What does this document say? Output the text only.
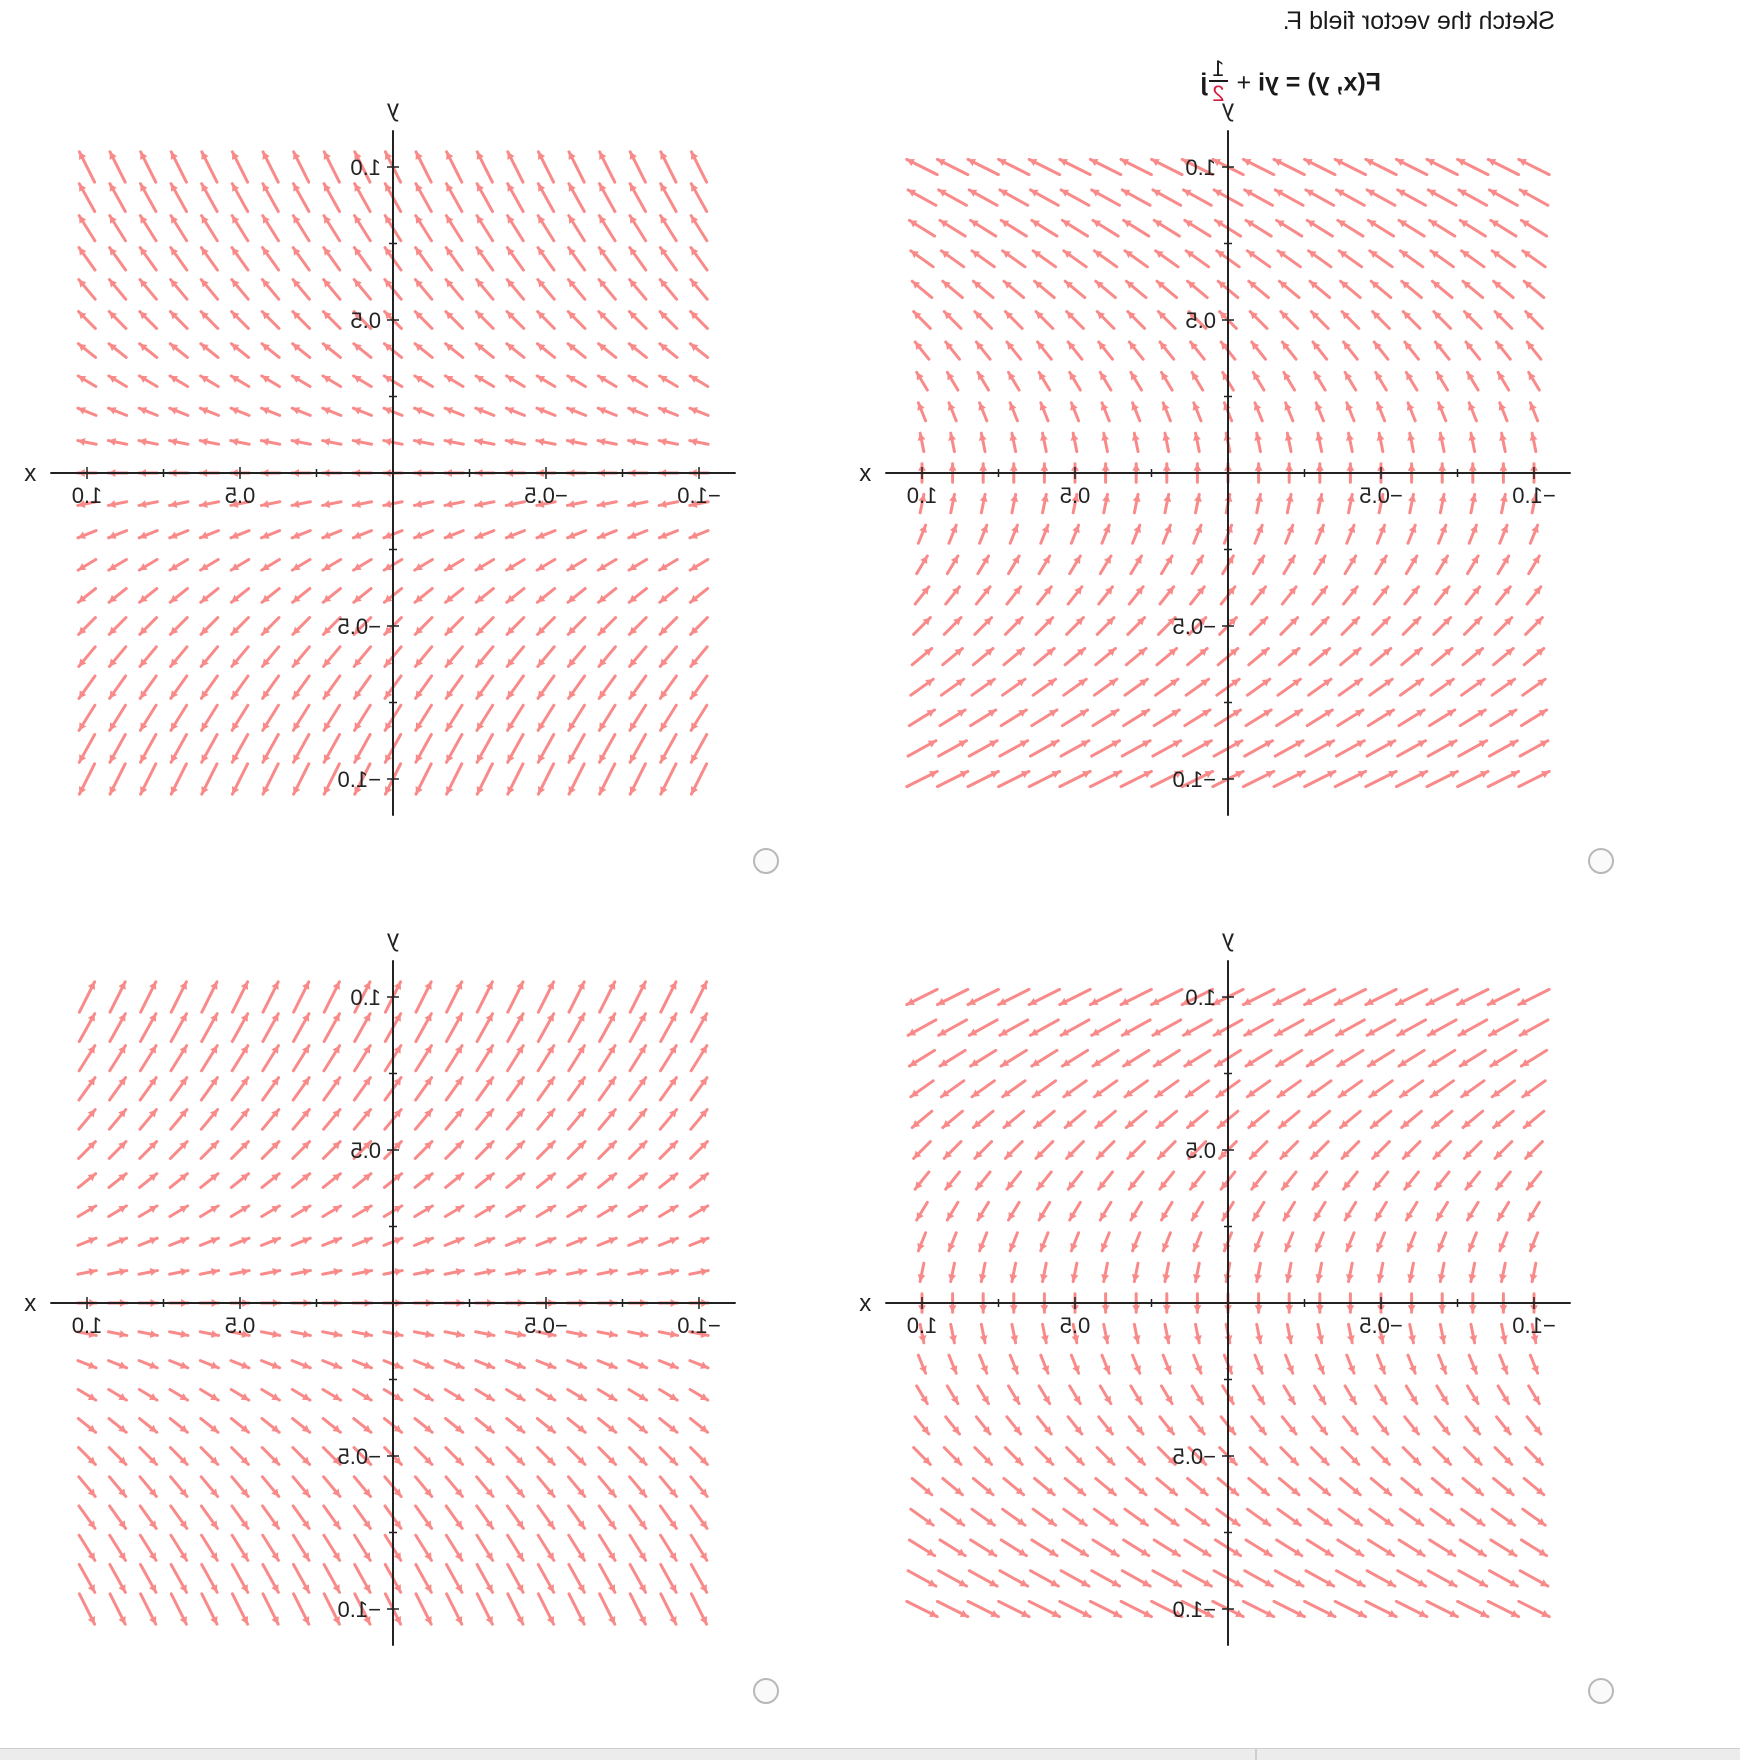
Sketch the vector field F.
F(x, y) = yi +
$\frac{1}{2}$
j
−1.0
−0.5
0.5
1.0
−1.0
−0.5
0.5
1.0
x
y
−1.0
−0.5
0.5
1.0
−1.0
−0.5
0.5
1.0
x
y
−1.0
−0.5
0.5
1.0
−1.0
−0.5
0.5
1.0
x
y
−1.0
−0.5
0.5
1.0
−1.0
−0.5
0.5
1.0
x
y
